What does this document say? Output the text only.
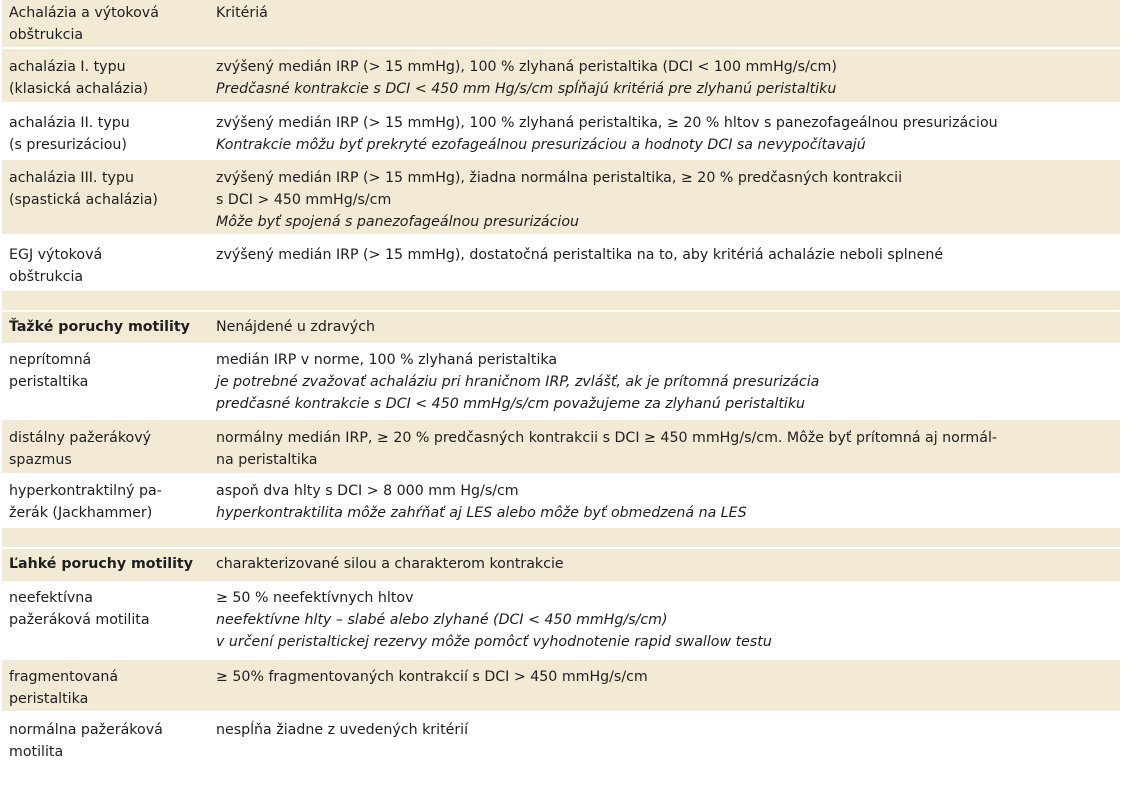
Achalázia a výtoková
obštrukcia
Kritériá
achalázia I. typu
(klasická achalázia)
zvýšený medián IRP (> 15 mmHg), 100 % zlyhaná peristaltika (DCI < 100 mmHg/s/cm)
Predčasné kontrakcie s DCI < 450 mm Hg/s/cm spĺňajú kritériá pre zlyhanú peristaltiku
achalázia II. typu
(s presurizáciou)
zvýšený medián IRP (> 15 mmHg), 100 % zlyhaná peristaltika, ≥ 20 % hltov s panezofageálnou presurizáciou
Kontrakcie môžu byť prekryté ezofageálnou presurizáciou a hodnoty DCI sa nevypočítavajú
achalázia III. typu
(spastická achalázia)
zvýšený medián IRP (> 15 mmHg), žiadna normálna peristaltika, ≥ 20 % predčasných kontrakcii
s DCI > 450 mmHg/s/cm
Môže byť spojená s panezofageálnou presurizáciou
EGJ výtoková
obštrukcia
zvýšený medián IRP (> 15 mmHg), dostatočná peristaltika na to, aby kritériá achalázie neboli splnené
Ťažké poruchy motility	Nenájdené u zdravých
neprítomná
peristaltika
medián IRP v norme, 100 % zlyhaná peristaltika
je potrebné zvažovať achaláziu pri hraničnom IRP, zvlášť, ak je prítomná presurizácia
predčasné kontrakcie s DCI < 450 mmHg/s/cm považujeme za zlyhanú peristaltiku
distálny pažerákový
spazmus
normálny medián IRP, ≥ 20 % predčasných kontrakcii s DCI ≥ 450 mmHg/s/cm. Môže byť prítomná aj normál-
na peristaltika
hyperkontraktilný pa-
žerák (Jackhammer)
aspoň dva hlty s DCI > 8 000 mm Hg/s/cm
hyperkontraktilita môže zahŕňať aj LES alebo môže byť obmedzená na LES
Ľahké poruchy motility	charakterizované silou a charakterom kontrakcie
neefektívna
pažeráková motilita
≥ 50 % neefektívnych hltov
neefektívne hlty – slabé alebo zlyhané (DCI < 450 mmHg/s/cm)
v určení peristaltickej rezervy môže pomôcť vyhodnotenie rapid swallow testu
fragmentovaná
peristaltika
≥ 50% fragmentovaných kontrakcií s DCI > 450 mmHg/s/cm
normálna pažeráková
motilita
nespĺňa žiadne z uvedených kritérií
